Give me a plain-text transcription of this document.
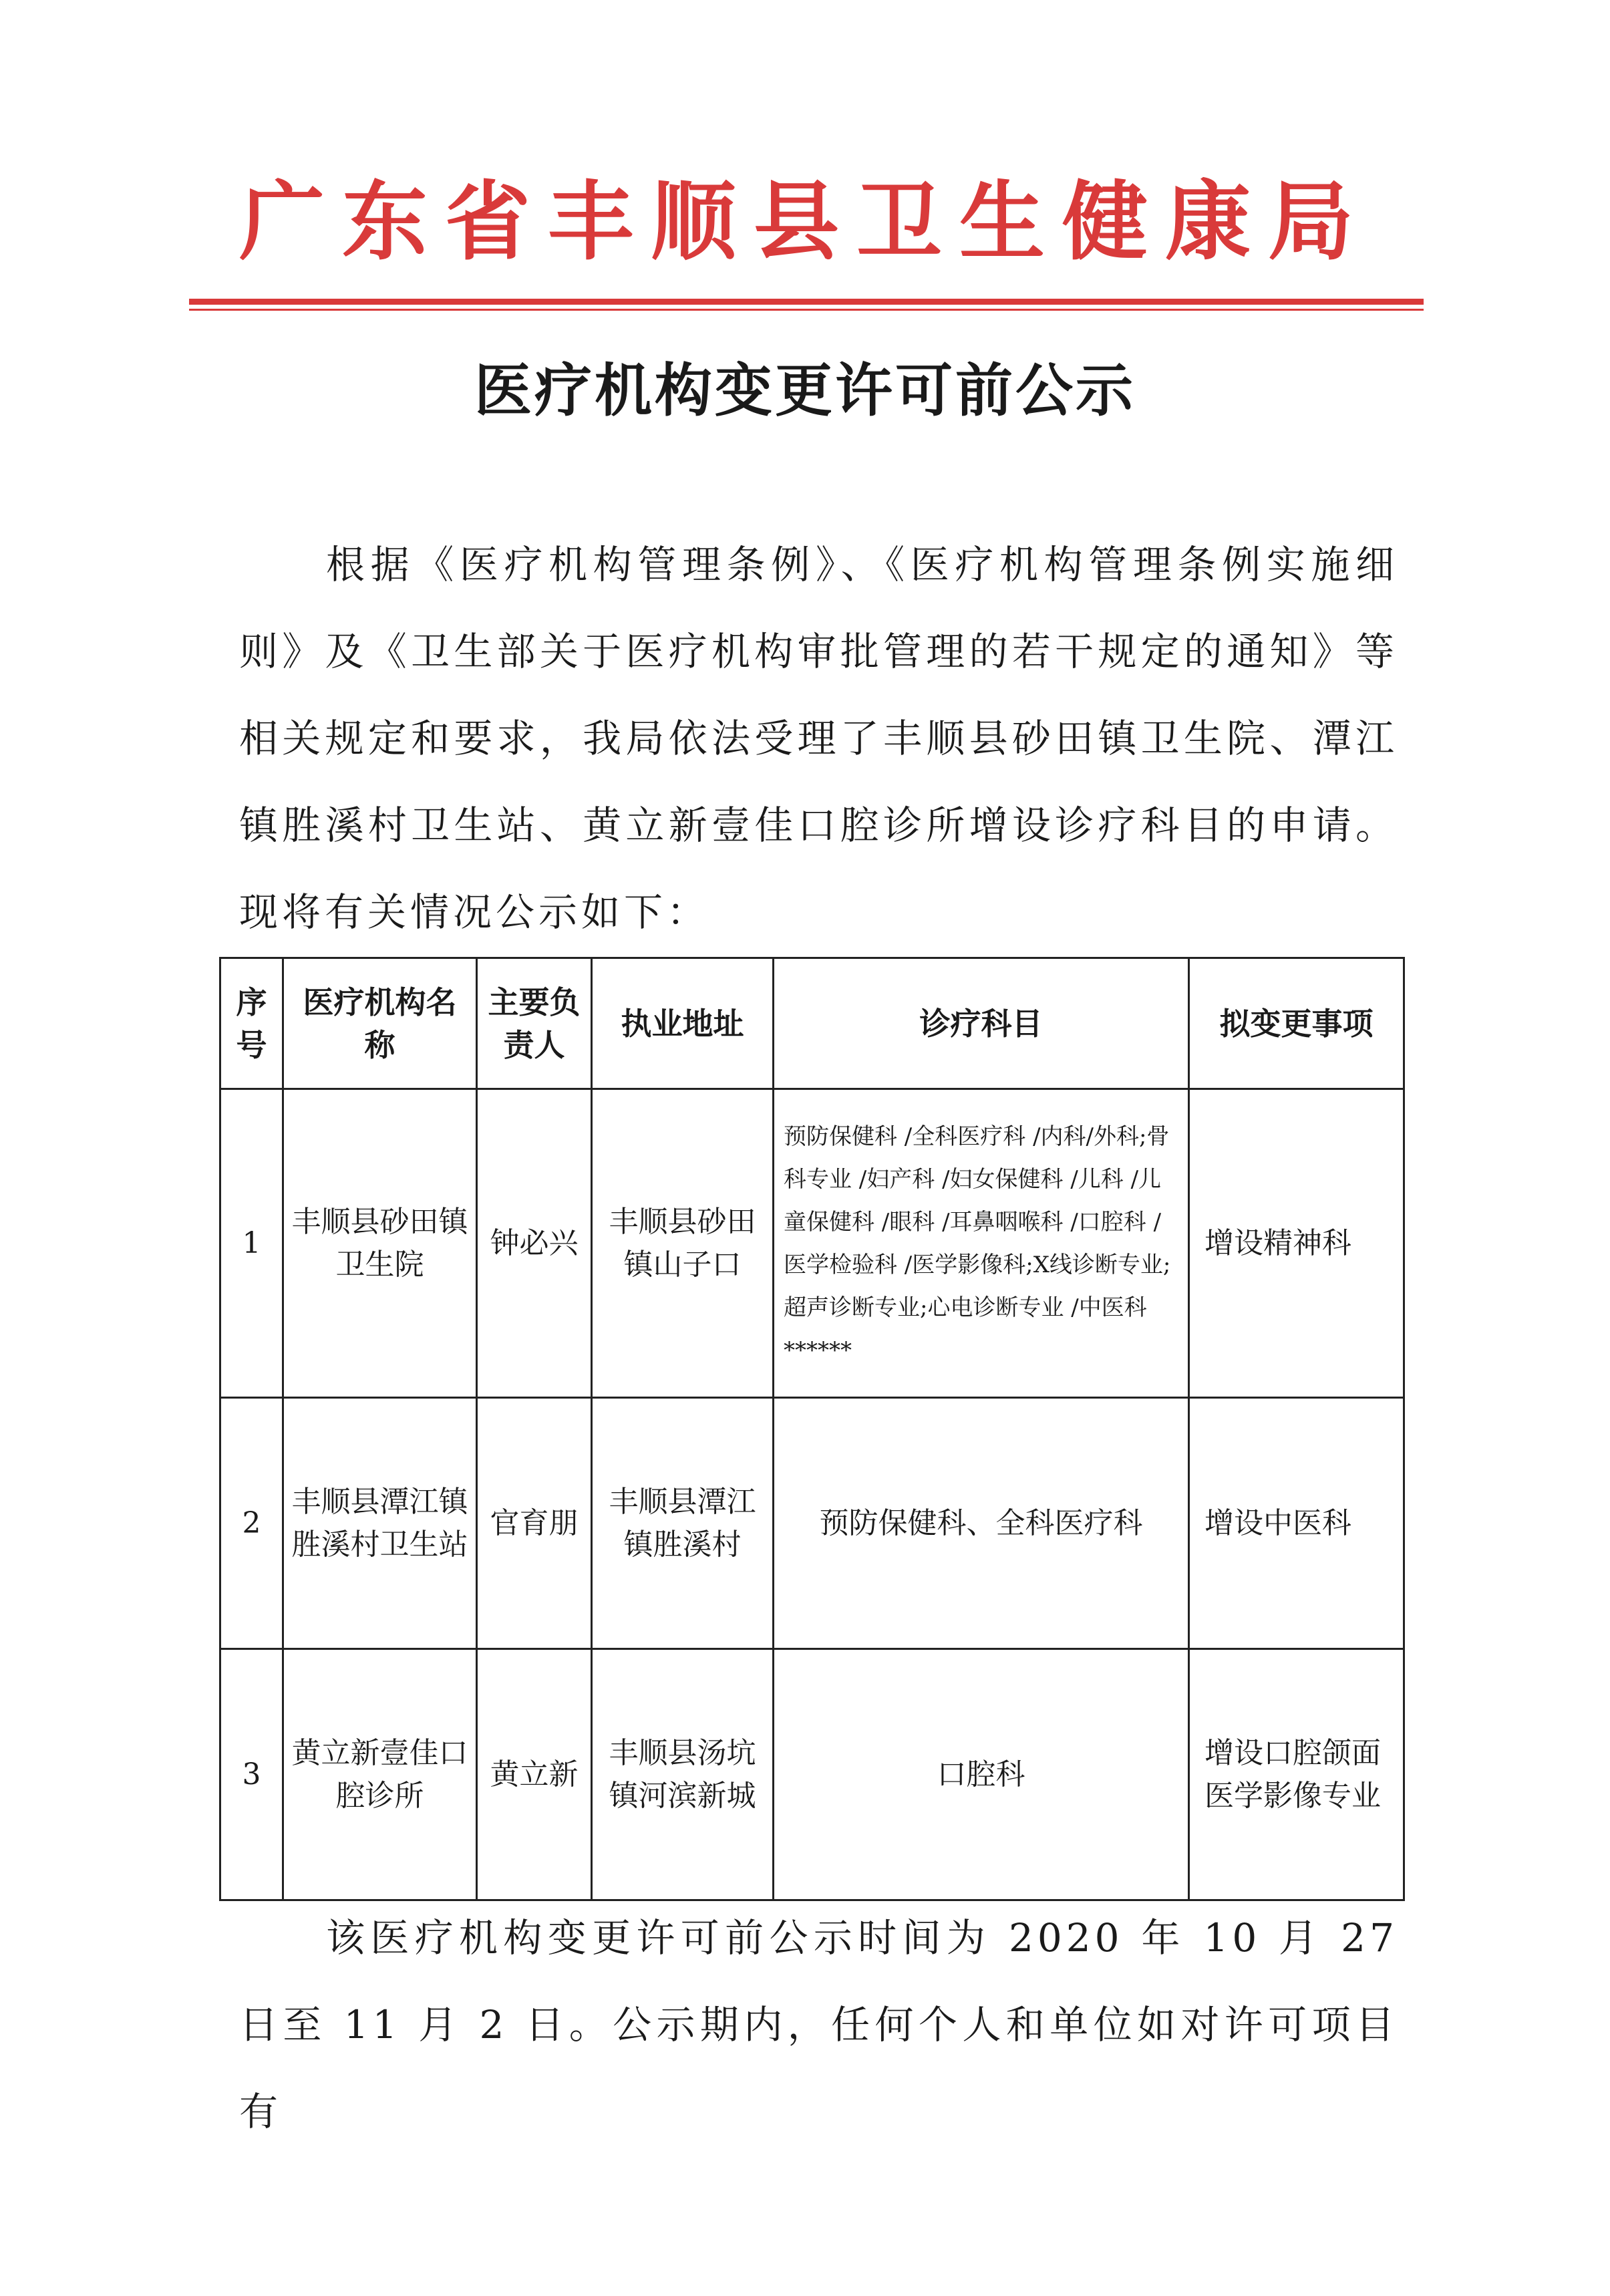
广东省丰顺县卫生健康局
医疗机构变更许可前公示
根据《医疗机构管理条例》、《医疗机构管理条例实施细则》及《卫生部关于医疗机构审批管理的若干规定的通知》等相关规定和要求，我局依法受理了丰顺县砂田镇卫生院、潭江镇胜溪村卫生站、黄立新壹佳口腔诊所增设诊疗科目的申请。现将有关情况公示如下：
序号	医疗机构名称	主要负责人	执业地址	诊疗科目	拟变更事项
1	丰顺县砂田镇卫生院	钟必兴	丰顺县砂田镇山子口	预防保健科 /全科医疗科 /内科/外科;骨科专业 /妇产科 /妇女保健科 /儿科 /儿童保健科 /眼科 /耳鼻咽喉科 /口腔科 /医学检验科 /医学影像科;X线诊断专业;超声诊断专业;心电诊断专业 /中医科******	增设精神科
2	丰顺县潭江镇胜溪村卫生站	官育朋	丰顺县潭江镇胜溪村	预防保健科、全科医疗科	增设中医科
3	黄立新壹佳口腔诊所	黄立新	丰顺县汤坑镇河滨新城	口腔科	增设口腔颌面医学影像专业
该医疗机构变更许可前公示时间为 2020 年 10 月 27 日至 11 月 2 日。公示期内，任何个人和单位如对许可项目有
